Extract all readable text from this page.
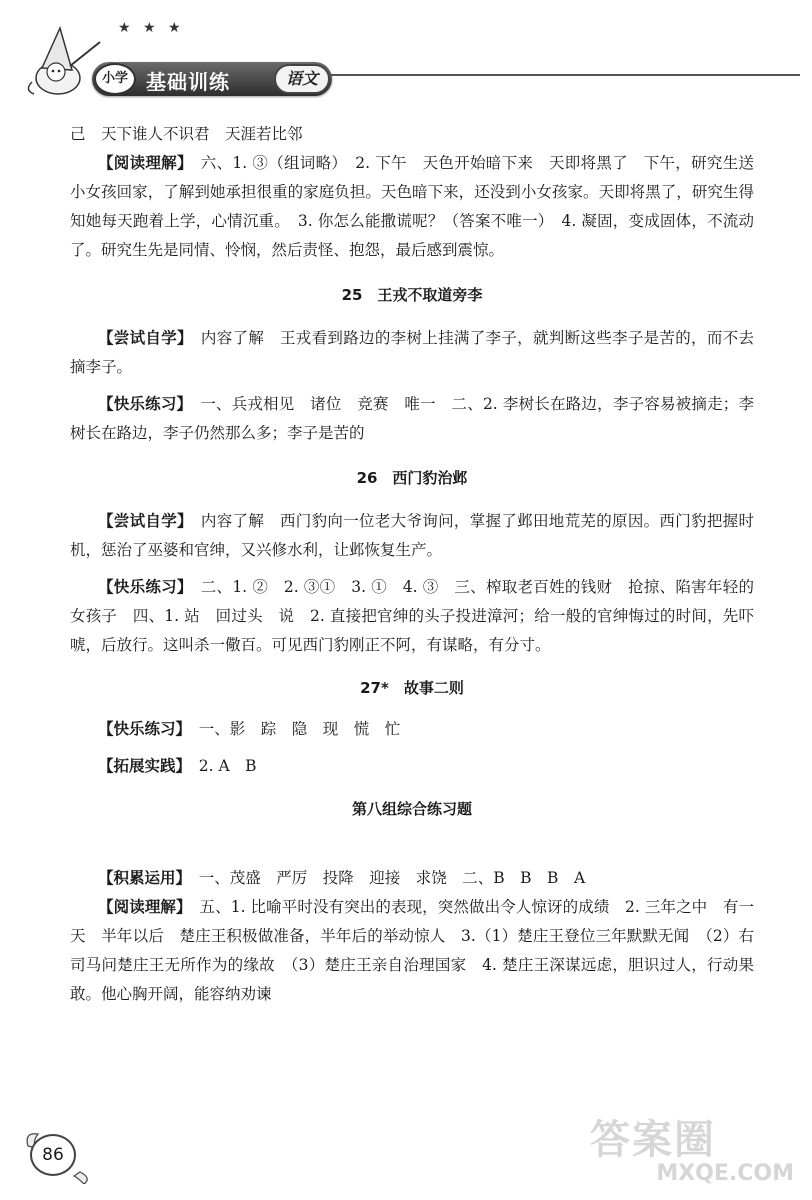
★ ★ ★
小学 基础训练	语文

己　天下谁人不识君　天涯若比邻

【阅读理解】　六、1. ③（组词略）　2. 下午　天色开始暗下来　天即将黑了　下午，研究生送小女孩回家，了解到她承担很重的家庭负担。天色暗下来，还没到小女孩家。天即将黑了，研究生得知她每天跑着上学，心情沉重。　3. 你怎么能撒谎呢？（答案不唯一）　4. 凝固，变成固体，不流动了。研究生先是同情、怜悯，然后责怪、抱怨，最后感到震惊。

25　王戎不取道旁李

【尝试自学】　内容了解　王戎看到路边的李树上挂满了李子，就判断这些李子是苦的，而不去摘李子。

【快乐练习】　一、兵戎相见　诸位　竞赛　唯一　二、2. 李树长在路边，李子容易被摘走；李树长在路边，李子仍然那么多；李子是苦的

26　西门豹治邺

【尝试自学】　内容了解　西门豹向一位老大爷询问，掌握了邺田地荒芜的原因。西门豹把握时机，惩治了巫婆和官绅，又兴修水利，让邺恢复生产。

【快乐练习】　二、1. ②　2. ③①　3. ①　4. ③　三、榨取老百姓的钱财　抢掠、陷害年轻的女孩子　四、1. 站　回过头　说　2. 直接把官绅的头子投进漳河；给一般的官绅悔过的时间，先吓唬，后放行。这叫杀一儆百。可见西门豹刚正不阿，有谋略，有分寸。

27*　故事二则

【快乐练习】　一、影　踪　隐　现　慌　忙

【拓展实践】　2. A　B

第八组综合练习题

【积累运用】　一、茂盛　严厉　投降　迎接　求饶　二、B　B　B　A

【阅读理解】　五、1. 比喻平时没有突出的表现，突然做出令人惊讶的成绩　2. 三年之中　有一天　半年以后　楚庄王积极做准备，半年后的举动惊人　3.（1）楚庄王登位三年默默无闻　（2）右司马问楚庄王无所作为的缘故　（3）楚庄王亲自治理国家　4. 楚庄王深谋远虑，胆识过人，行动果敢。他心胸开阔，能容纳劝谏

86	答案圈
MXQE.COM
